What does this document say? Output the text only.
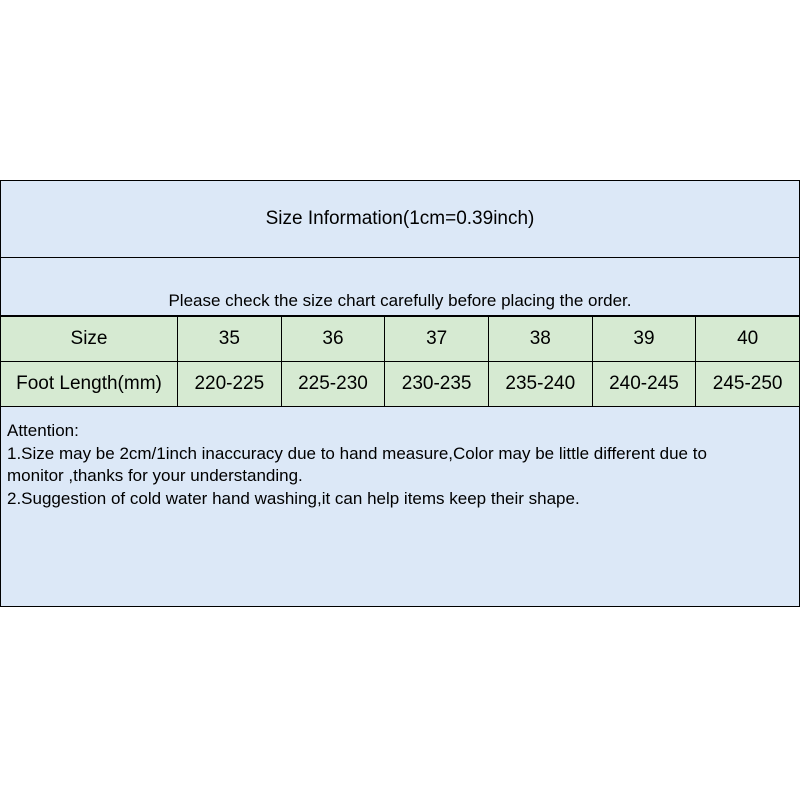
Size Information(1cm=0.39inch)
Please check the size chart carefully before placing the order.
Size	35	36	37	38	39	40
Foot Length(mm)	220-225	225-230	230-235	235-240	240-245	245-250
Attention:
1.Size may be 2cm/1inch inaccuracy due to hand measure,Color may be little different due to
monitor ,thanks for your understanding.
2.Suggestion of cold water hand washing,it can help items keep their shape.
